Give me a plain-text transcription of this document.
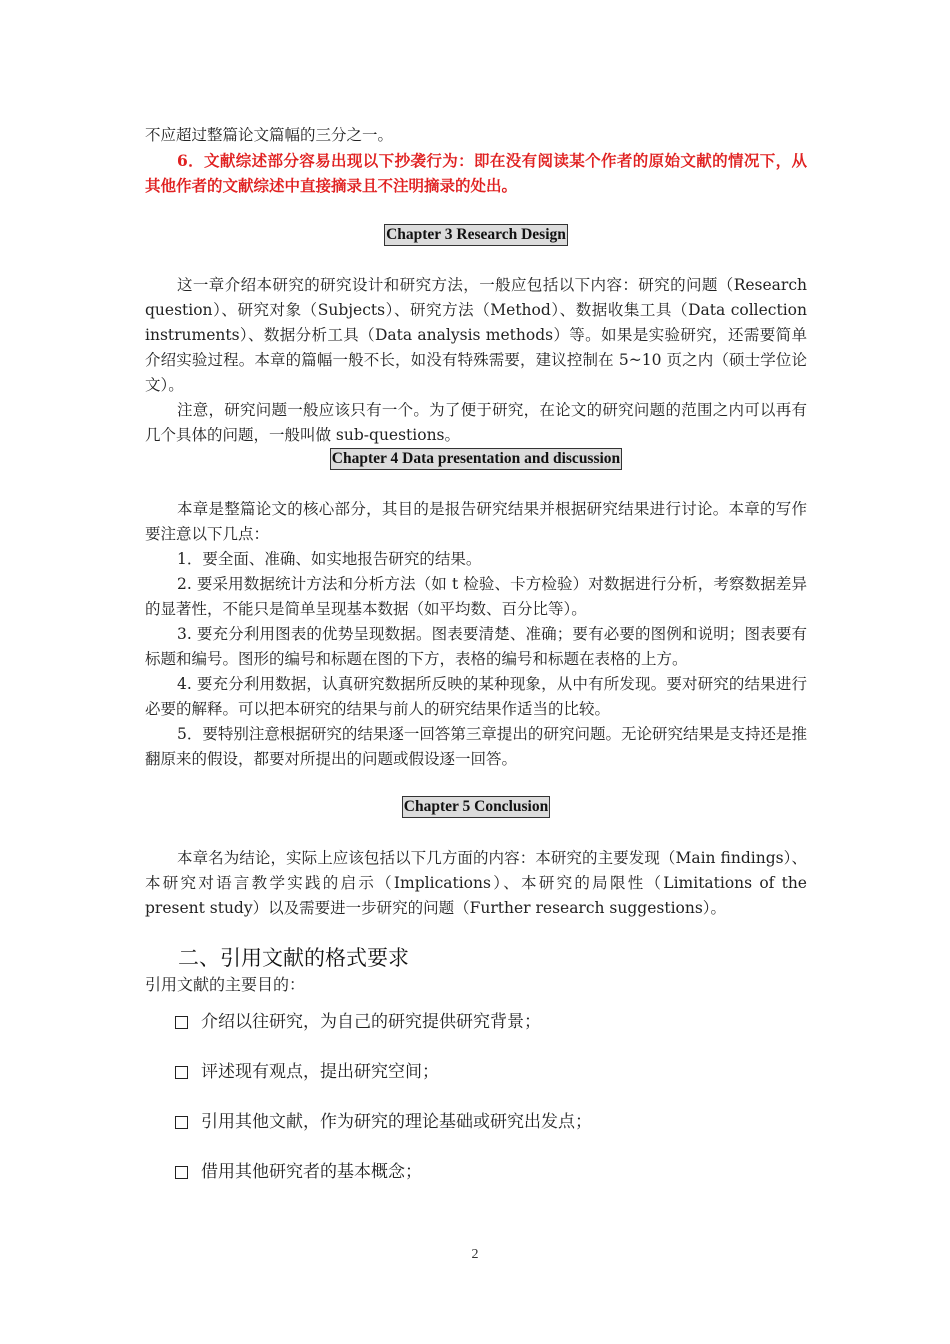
不应超过整篇论文篇幅的三分之一。

6．文献综述部分容易出现以下抄袭行为：即在没有阅读某个作者的原始文献的情况下，从其他作者的文献综述中直接摘录且不注明摘录的处出。

Chapter 3 Research Design

这一章介绍本研究的研究设计和研究方法，一般应包括以下内容：研究的问题（Research question）、研究对象（Subjects）、研究方法（Method）、数据收集工具（Data collection instruments）、数据分析工具（Data analysis methods）等。如果是实验研究，还需要简单介绍实验过程。本章的篇幅一般不长，如没有特殊需要，建议控制在 5~10 页之内（硕士学位论文）。

注意，研究问题一般应该只有一个。为了便于研究，在论文的研究问题的范围之内可以再有几个具体的问题，一般叫做 sub-questions。

Chapter 4 Data presentation and discussion

本章是整篇论文的核心部分，其目的是报告研究结果并根据研究结果进行讨论。本章的写作要注意以下几点：

1．要全面、准确、如实地报告研究的结果。

2. 要采用数据统计方法和分析方法（如 t 检验、卡方检验）对数据进行分析，考察数据差异的显著性，不能只是简单呈现基本数据（如平均数、百分比等）。

3. 要充分利用图表的优势呈现数据。图表要清楚、准确；要有必要的图例和说明；图表要有标题和编号。图形的编号和标题在图的下方，表格的编号和标题在表格的上方。

4. 要充分利用数据，认真研究数据所反映的某种现象，从中有所发现。要对研究的结果进行必要的解释。可以把本研究的结果与前人的研究结果作适当的比较。

5．要特别注意根据研究的结果逐一回答第三章提出的研究问题。无论研究结果是支持还是推翻原来的假设，都要对所提出的问题或假设逐一回答。

Chapter 5 Conclusion

本章名为结论，实际上应该包括以下几方面的内容：本研究的主要发现（Main findings）、本研究对语言教学实践的启示（Implications）、本研究的局限性（Limitations of the present study）以及需要进一步研究的问题（Further research suggestions）。

二、引用文献的格式要求
引用文献的主要目的：
介绍以往研究，为自己的研究提供研究背景；
评述现有观点，提出研究空间；
引用其他文献，作为研究的理论基础或研究出发点；
借用其他研究者的基本概念；
2
